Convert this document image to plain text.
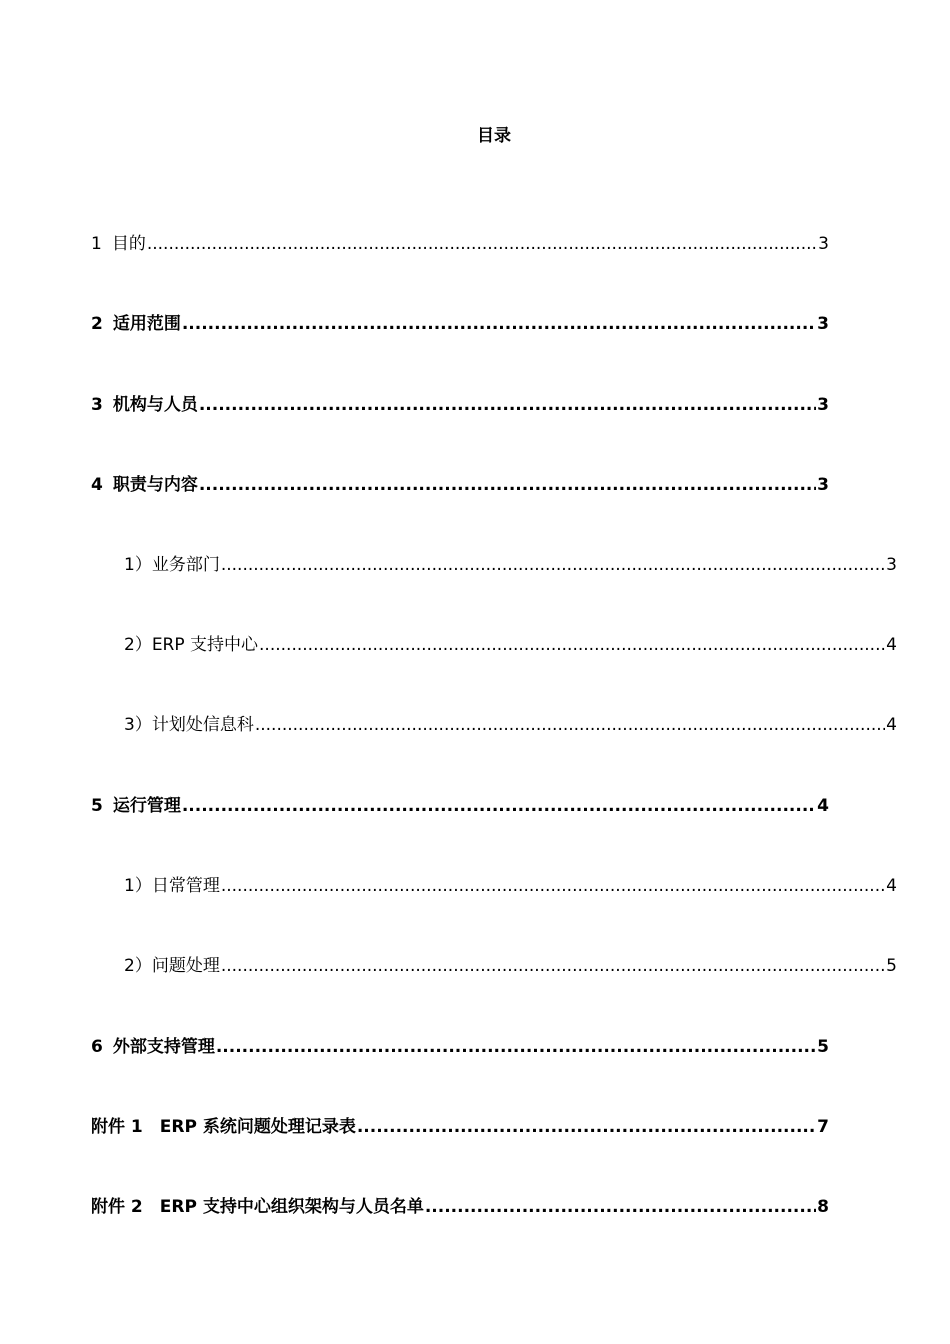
目录
1 目的 .....	3
2 适用范围 .....	3
3 机构与人员 .....	3
4 职责与内容 .....	3
1）业务部门 .....	3
2）ERP 支持中心 .....	4
3）计划处信息科 .....	4
5 运行管理 .....	4
1）日常管理 .....	4
2）问题处理 .....	5
6 外部支持管理 .....	5
附件 1　ERP 系统问题处理记录表 .....	7
附件 2　ERP 支持中心组织架构与人员名单 .....	8
